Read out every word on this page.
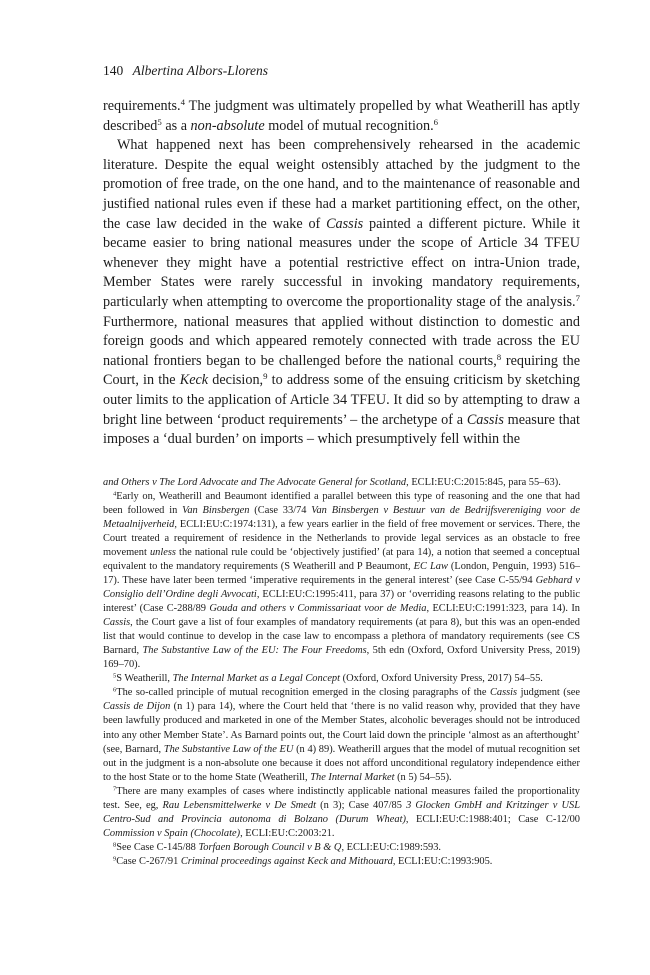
140 Albertina Albors-Llorens

requirements.$^4$ The judgment was ultimately propelled by what Weatherill has aptly described$^5$ as a non-absolute model of mutual recognition.$^6$

What happened next has been comprehensively rehearsed in the academic literature. Despite the equal weight ostensibly attached by the judgment to the promotion of free trade, on the one hand, and to the maintenance of reasonable and justified national rules even if these had a market partitioning effect, on the other, the case law decided in the wake of Cassis painted a different picture. While it became easier to bring national measures under the scope of Article 34 TFEU whenever they might have a potential restrictive effect on intra-Union trade, Member States were rarely successful in invoking mandatory requirements, particularly when attempting to overcome the proportionality stage of the analysis.$^7$ Furthermore, national measures that applied without distinction to domestic and foreign goods and which appeared remotely connected with trade across the EU national frontiers began to be challenged before the national courts,$^8$ requiring the Court, in the Keck decision,$^9$ to address some of the ensuing criticism by sketching outer limits to the application of Article 34 TFEU. It did so by attempting to draw a bright line between ‘product requirements’ – the archetype of a Cassis measure that imposes a ‘dual burden’ on imports – which presumptively fell within the

and Others v The Lord Advocate and The Advocate General for Scotland, ECLI:EU:C:2015:845, para 55–63).

$^4$Early on, Weatherill and Beaumont identified a parallel between this type of reasoning and the one that had been followed in Van Binsbergen (Case 33/74 Van Binsbergen v Bestuur van de Bedrijfsvereniging voor de Metaalnijverheid, ECLI:EU:C:1974:131), a few years earlier in the field of free movement or services. There, the Court treated a requirement of residence in the Netherlands to provide legal services as an obstacle to free movement unless the national rule could be ‘objectively justified’ (at para 14), a notion that seemed a conceptual equivalent to the mandatory requirements (S Weatherill and P Beaumont, EC Law (London, Penguin, 1993) 516–17). These have later been termed ‘imperative requirements in the general interest’ (see Case C-55/94 Gebhard v Consiglio dell’Ordine degli Avvocati, ECLI:EU:C:1995:411, para 37) or ‘overriding reasons relating to the public interest’ (Case C-288/89 Gouda and others v Commissariaat voor de Media, ECLI:EU:C:1991:323, para 14). In Cassis, the Court gave a list of four examples of mandatory requirements (at para 8), but this was an open-ended list that would continue to develop in the case law to encompass a plethora of mandatory requirements (see CS Barnard, The Substantive Law of the EU: The Four Freedoms, 5th edn (Oxford, Oxford University Press, 2019) 169–70).

$^5$S Weatherill, The Internal Market as a Legal Concept (Oxford, Oxford University Press, 2017) 54–55.

$^6$The so-called principle of mutual recognition emerged in the closing paragraphs of the Cassis judgment (see Cassis de Dijon (n 1) para 14), where the Court held that ‘there is no valid reason why, provided that they have been lawfully produced and marketed in one of the Member States, alcoholic beverages should not be introduced into any other Member State’. As Barnard points out, the Court laid down the principle ‘almost as an afterthought’ (see, Barnard, The Substantive Law of the EU (n 4) 89). Weatherill argues that the model of mutual recognition set out in the judgment is a non-absolute one because it does not afford unconditional regulatory independence either to the host State or to the home State (Weatherill, The Internal Market (n 5) 54–55).

$^7$There are many examples of cases where indistinctly applicable national measures failed the proportionality test. See, eg, Rau Lebensmittelwerke v De Smedt (n 3); Case 407/85 3 Glocken GmbH and Kritzinger v USL Centro-Sud and Provincia autonoma di Bolzano (Durum Wheat), ECLI:EU:C:1988:401; Case C-12/00 Commission v Spain (Chocolate), ECLI:EU:C:2003:21.

$^8$See Case C-145/88 Torfaen Borough Council v B & Q, ECLI:EU:C:1989:593.

$^9$Case C-267/91 Criminal proceedings against Keck and Mithouard, ECLI:EU:C:1993:905.
